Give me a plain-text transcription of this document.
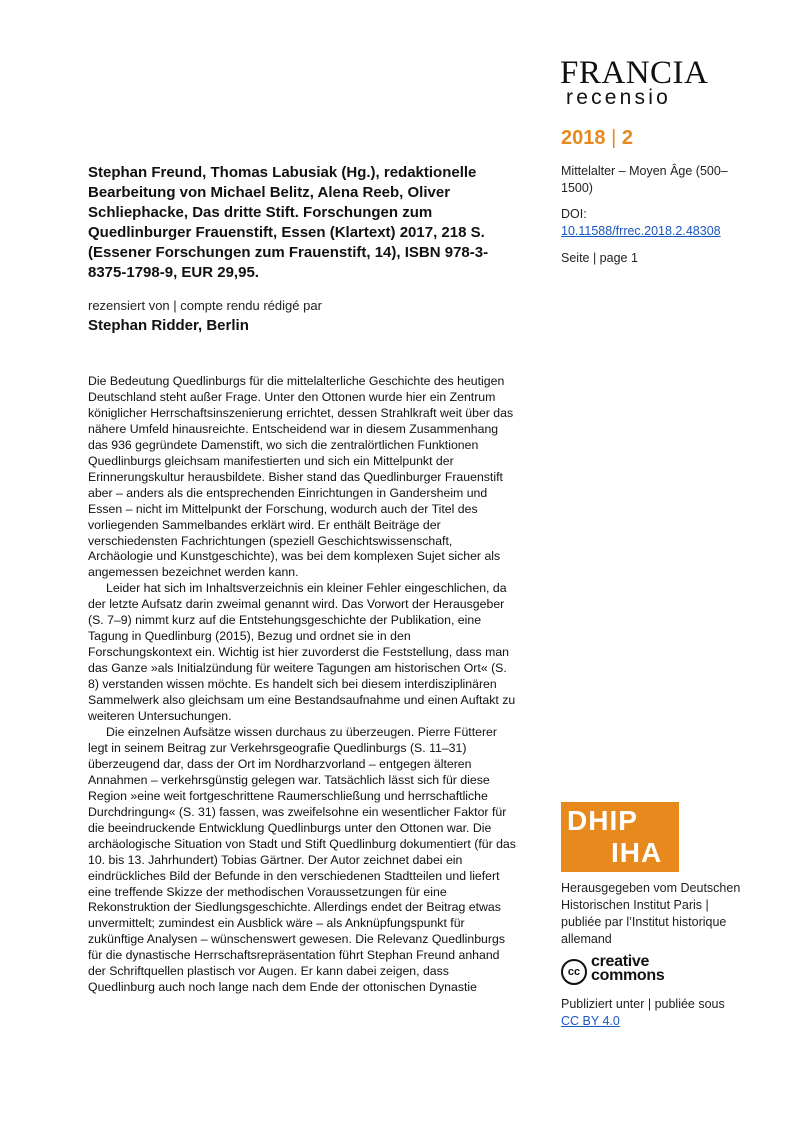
FRANCIA
recensio
2018 | 2
Mittelalter – Moyen Âge (500–1500)
DOI:
10.11588/frrec.2018.2.48308
Seite | page 1
Stephan Freund, Thomas Labusiak (Hg.), redaktionelle Bearbeitung von Michael Belitz, Alena Reeb, Oliver Schliephacke, Das dritte Stift. Forschungen zum Quedlinburger Frauenstift, Essen (Klartext) 2017, 218 S. (Essener Forschungen zum Frauenstift, 14), ISBN 978-3-8375-1798-9, EUR 29,95.
rezensiert von | compte rendu rédigé par
Stephan Ridder, Berlin

Die Bedeutung Quedlinburgs für die mittelalterliche Geschichte des heutigen Deutschland steht außer Frage. Unter den Ottonen wurde hier ein Zentrum königlicher Herrschaftsinszenierung errichtet, dessen Strahlkraft weit über das nähere Umfeld hinausreichte. Entscheidend war in diesem Zusammenhang das 936 gegründete Damenstift, wo sich die zentralörtlichen Funktionen Quedlinburgs gleichsam manifestierten und sich ein Mittelpunkt der Erinnerungskultur herausbildete. Bisher stand das Quedlinburger Frauenstift aber – anders als die entsprechenden Einrichtungen in Gandersheim und Essen – nicht im Mittelpunkt der Forschung, wodurch auch der Titel des vorliegenden Sammelbandes erklärt wird. Er enthält Beiträge der verschiedensten Fachrichtungen (speziell Geschichtswissenschaft, Archäologie und Kunstgeschichte), was bei dem komplexen Sujet sicher als angemessen bezeichnet werden kann.

Leider hat sich im Inhaltsverzeichnis ein kleiner Fehler eingeschlichen, da der letzte Aufsatz darin zweimal genannt wird. Das Vorwort der Herausgeber (S. 7–9) nimmt kurz auf die Entstehungsgeschichte der Publikation, eine Tagung in Quedlinburg (2015), Bezug und ordnet sie in den Forschungskontext ein. Wichtig ist hier zuvorderst die Feststellung, dass man das Ganze »als Initialzündung für weitere Tagungen am historischen Ort« (S. 8) verstanden wissen möchte. Es handelt sich bei diesem interdisziplinären Sammelwerk also gleichsam um eine Bestandsaufnahme und einen Auftakt zu weiteren Untersuchungen.

Die einzelnen Aufsätze wissen durchaus zu überzeugen. Pierre Fütterer legt in seinem Beitrag zur Verkehrsgeografie Quedlinburgs (S. 11–31) überzeugend dar, dass der Ort im Nordharzvorland – entgegen älteren Annahmen – verkehrsgünstig gelegen war. Tatsächlich lässt sich für diese Region »eine weit fortgeschrittene Raumerschließung und herrschaftliche Durchdringung« (S. 31) fassen, was zweifelsohne ein wesentlicher Faktor für die beeindruckende Entwicklung Quedlinburgs unter den Ottonen war. Die archäologische Situation von Stadt und Stift Quedlinburg dokumentiert (für das 10. bis 13. Jahrhundert) Tobias Gärtner. Der Autor zeichnet dabei ein eindrückliches Bild der Befunde in den verschiedenen Stadtteilen und liefert eine treffende Skizze der methodischen Voraussetzungen für eine Rekonstruktion der Siedlungsgeschichte. Allerdings endet der Beitrag etwas unvermittelt; zumindest ein Ausblick wäre – als Anknüpfungspunkt für zukünftige Analysen – wünschenswert gewesen. Die Relevanz Quedlinburgs für die dynastische Herrschaftsrepräsentation führt Stephan Freund anhand der Schriftquellen plastisch vor Augen. Er kann dabei zeigen, dass Quedlinburg auch noch lange nach dem Ende der ottonischen Dynastie

DHIP
IHA
Herausgegeben vom Deutschen Historischen Institut Paris | publiée par l’Institut historique allemand
cc
creative
commons
Publiziert unter | publiée sous
CC BY 4.0
